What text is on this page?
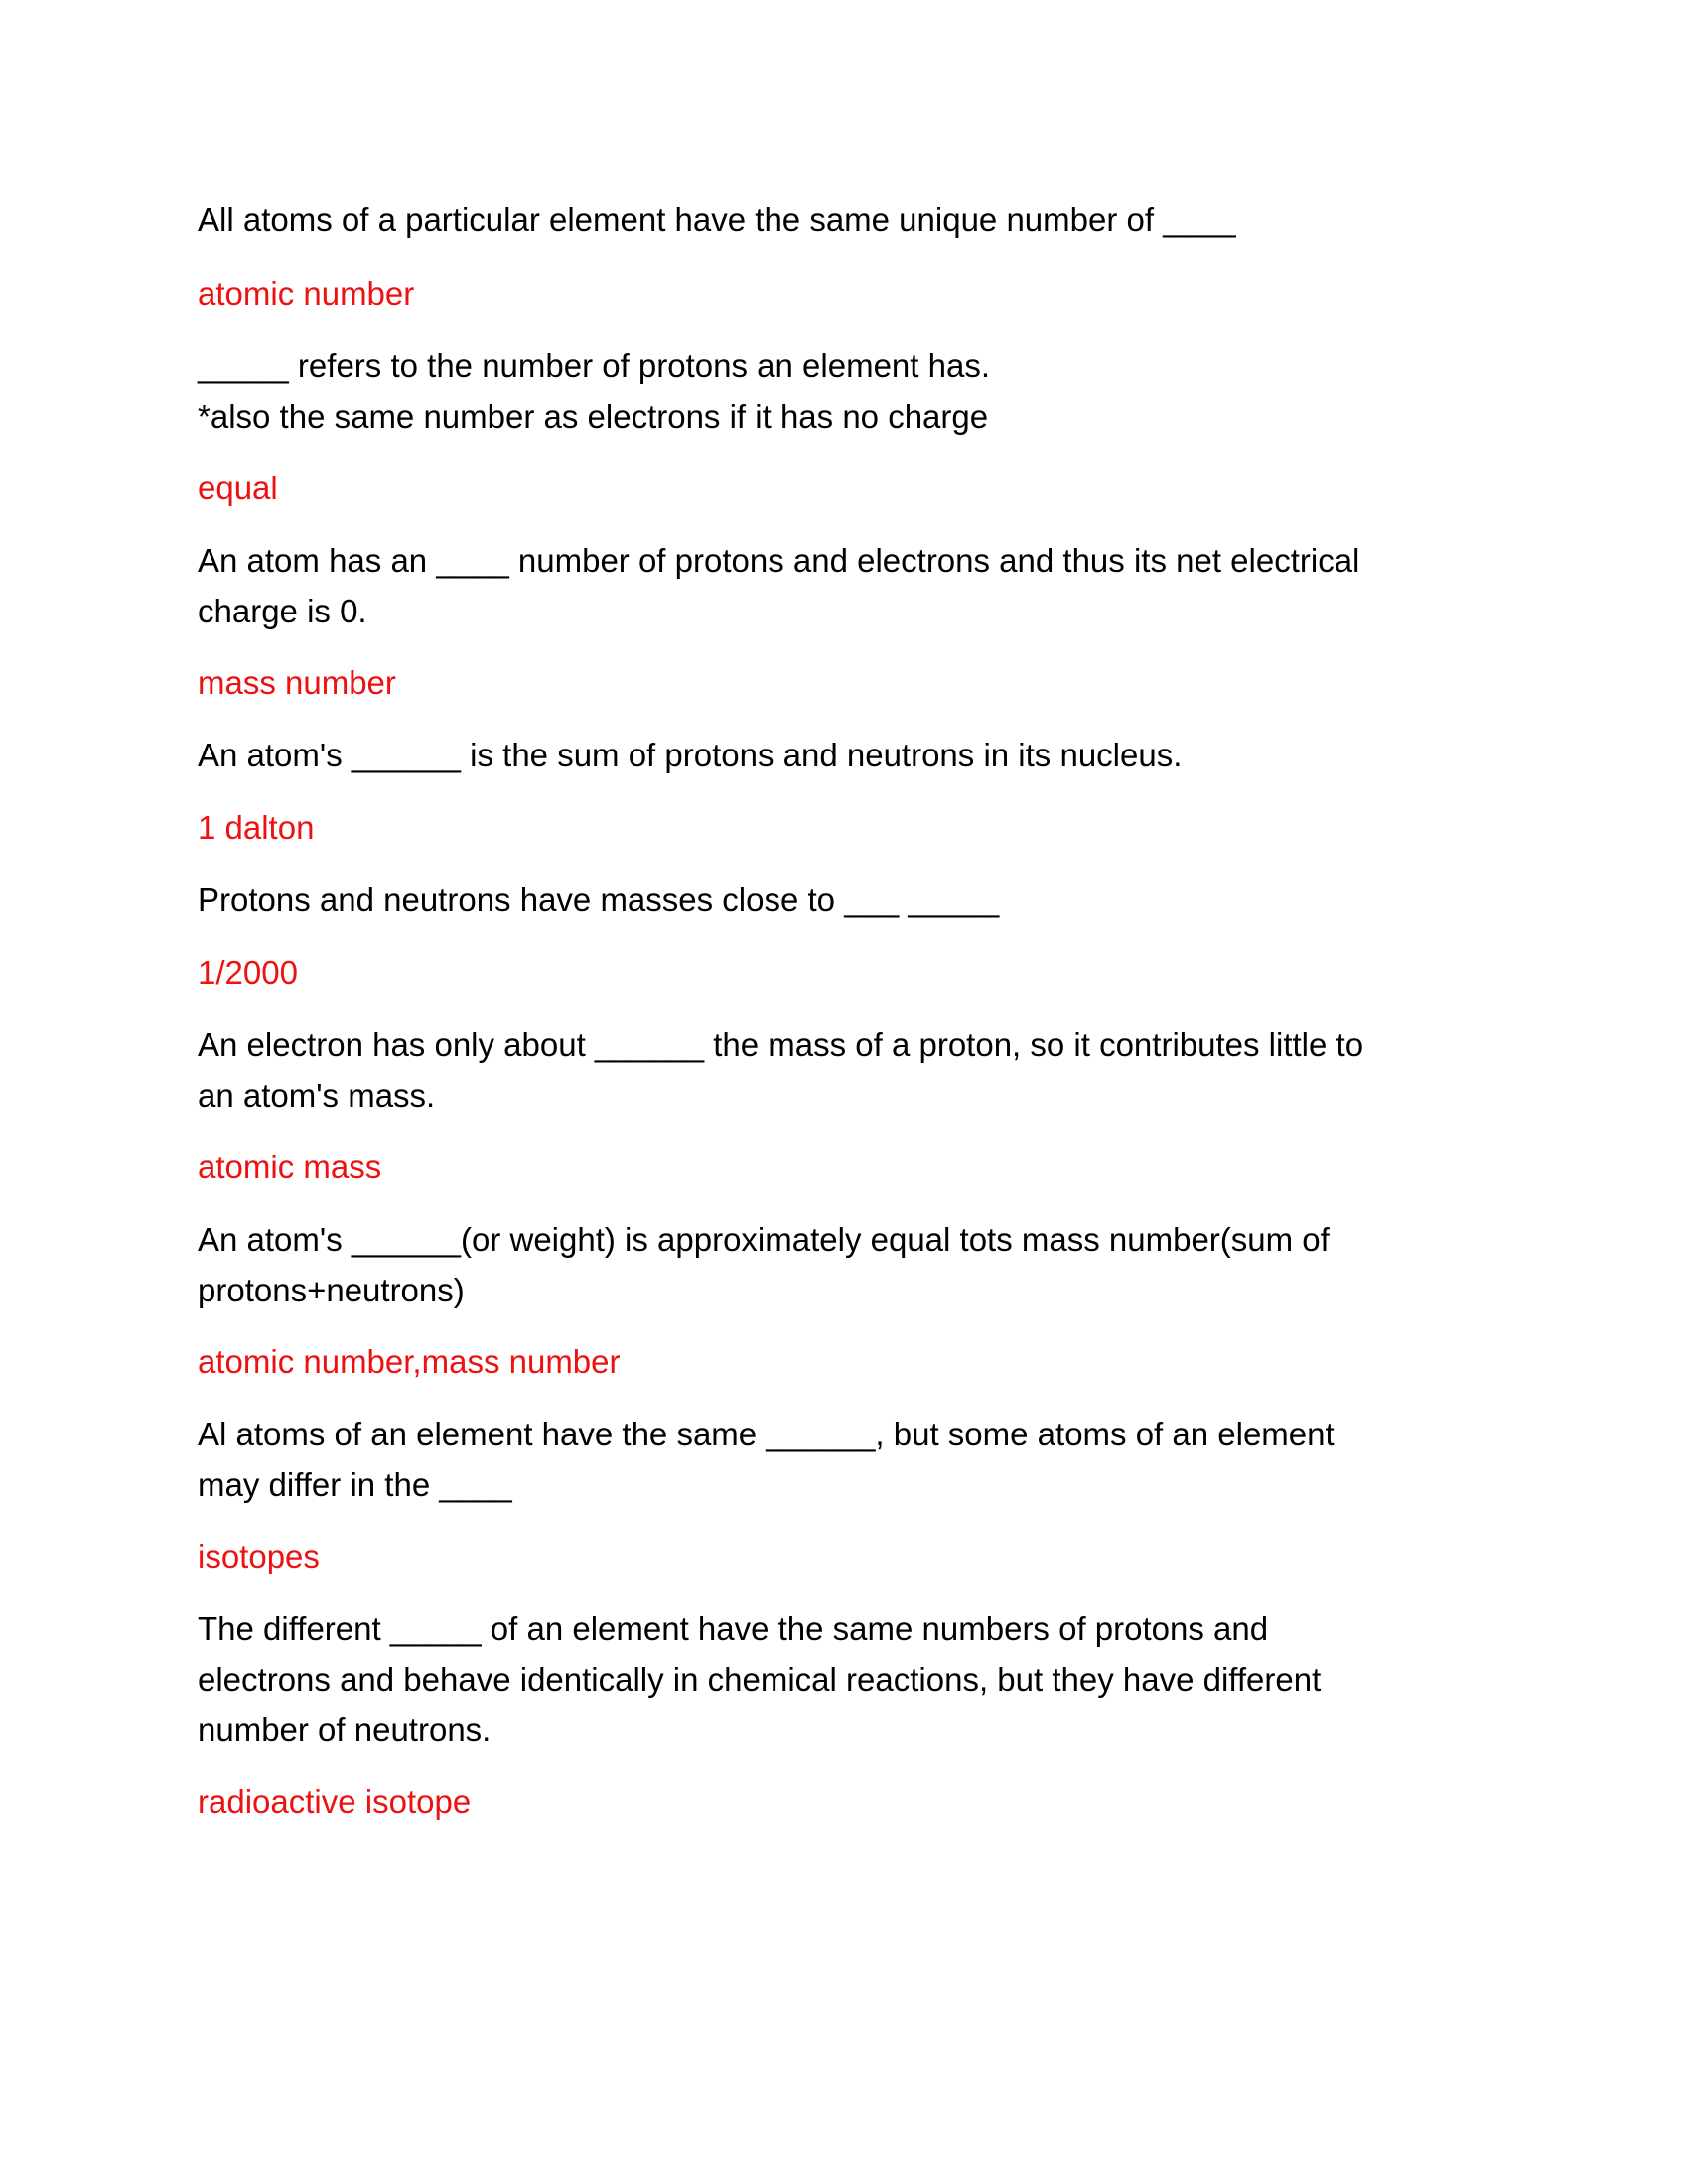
All atoms of a particular element have the same unique number of ____

atomic number

_____ refers to the number of protons an element has.

*also the same number as electrons if it has no charge

equal

An atom has an ____ number of protons and electrons and thus its net electrical

charge is 0.

mass number

An atom's ______ is the sum of protons and neutrons in its nucleus.

1 dalton

Protons and neutrons have masses close to ___ _____

1/2000

An electron has only about ______ the mass of a proton, so it contributes little to

an atom's mass.

atomic mass

An atom's ______(or weight) is approximately equal tots mass number(sum of

protons+neutrons)

atomic number,mass number

Al atoms of an element have the same ______, but some atoms of an element

may differ in the ____

isotopes

The different _____ of an element have the same numbers of protons and

electrons and behave identically in chemical reactions, but they have different

number of neutrons.

radioactive isotope
